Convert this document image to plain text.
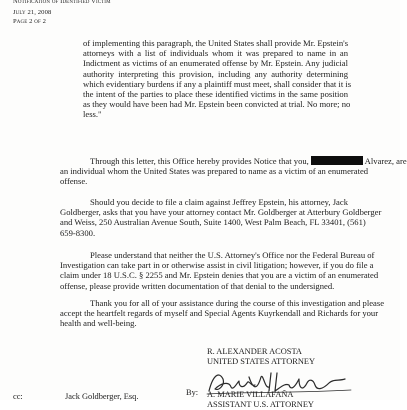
Notification of Identified Victim
July 21, 2008
Page 2 of 2
of implementing this paragraph, the United States shall provide Mr. Epstein's
attorneys with a list of individuals whom it was prepared to name in an
Indictment as victims of an enumerated offense by Mr. Epstein. Any judicial
authority interpreting this provision, including any authority determining
which evidentiary burdens if any a plaintiff must meet, shall consider that it is
the intent of the parties to place these identified victims in the same position
as they would have been had Mr. Epstein been convicted at trial. No more; no
less."
Through this letter, this Office hereby provides Notice that you,	Alvarez, are
an individual whom the United States was prepared to name as a victim of an enumerated
offense.
Should you decide to file a claim against Jeffrey Epstein, his attorney, Jack
Goldberger, asks that you have your attorney contact Mr. Goldberger at Atterbury Goldberger
and Weiss, 250 Australian Avenue South, Suite 1400, West Palm Beach, FL 33401, (561)
659-8300.
Please understand that neither the U.S. Attorney's Office nor the Federal Bureau of
Investigation can take part in or otherwise assist in civil litigation; however, if you do file a
claim under 18 U.S.C. § 2255 and Mr. Epstein denies that you are a victim of an enumerated
offense, please provide written documentation of that denial to the undersigned.
Thank you for all of your assistance during the course of this investigation and please
accept the heartfelt regards of myself and Special Agents Kuyrkendall and Richards for your
health and well-being.
R. ALEXANDER ACOSTA
UNITED STATES ATTORNEY
By: A. MARIE VILLAFAÑA
ASSISTANT U.S. ATTORNEY
cc:	Jack Goldberger, Esq.
